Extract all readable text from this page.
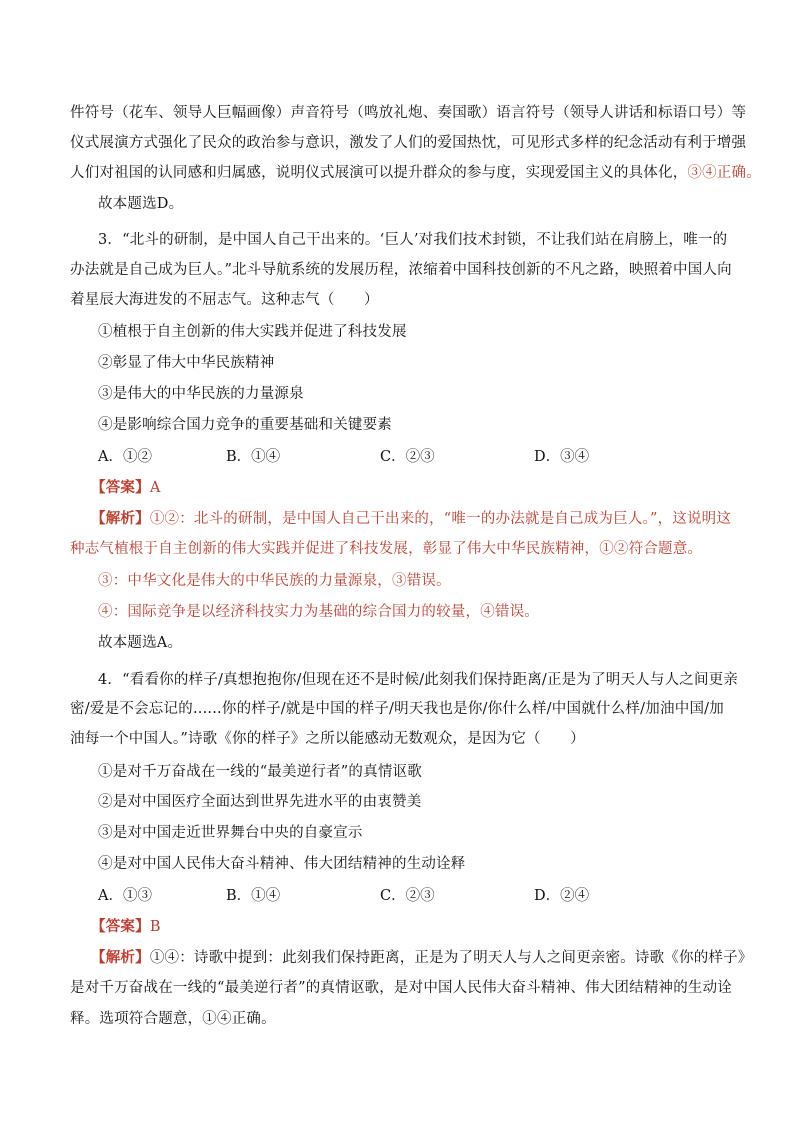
件符号（花车、领导人巨幅画像）声音符号（鸣放礼炮、奏国歌）语言符号（领导人讲话和标语口号）等
仪式展演方式强化了民众的政治参与意识，激发了人们的爱国热忱，可见形式多样的纪念活动有利于增强
人们对祖国的认同感和归属感，说明仪式展演可以提升群众的参与度，实现爱国主义的具体化，③④正确。
故本题选D。
3．“北斗的研制，是中国人自己干出来的。‘巨人’对我们技术封锁，不让我们站在肩膀上，唯一的
办法就是自己成为巨人。”北斗导航系统的发展历程，浓缩着中国科技创新的不凡之路，映照着中国人向
着星辰大海进发的不屈志气。这种志气（　　）
①植根于自主创新的伟大实践并促进了科技发展
②彰显了伟大中华民族精神
③是伟大的中华民族的力量源泉
④是影响综合国力竞争的重要基础和关键要素
A．①②	B．①④	C．②③	D．③④
【答案】A
【解析】①②：北斗的研制，是中国人自己干出来的，“唯一的办法就是自己成为巨人。”，这说明这
种志气植根于自主创新的伟大实践并促进了科技发展，彰显了伟大中华民族精神，①②符合题意。
③：中华文化是伟大的中华民族的力量源泉，③错误。
④：国际竞争是以经济科技实力为基础的综合国力的较量，④错误。
故本题选A。
4．“看看你的样子/真想抱抱你/但现在还不是时候/此刻我们保持距离/正是为了明天人与人之间更亲
密/爱是不会忘记的......你的样子/就是中国的样子/明天我也是你/你什么样/中国就什么样/加油中国/加
油每一个中国人。”诗歌《你的样子》之所以能感动无数观众，是因为它（　　）
①是对千万奋战在一线的“最美逆行者”的真情讴歌
②是对中国医疗全面达到世界先进水平的由衷赞美
③是对中国走近世界舞台中央的自豪宣示
④是对中国人民伟大奋斗精神、伟大团结精神的生动诠释
A．①③	B．①④	C．②③	D．②④
【答案】B
【解析】①④：诗歌中提到：此刻我们保持距离，正是为了明天人与人之间更亲密。诗歌《你的样子》
是对千万奋战在一线的“最美逆行者”的真情讴歌，是对中国人民伟大奋斗精神、伟大团结精神的生动诠
释。选项符合题意，①④正确。
